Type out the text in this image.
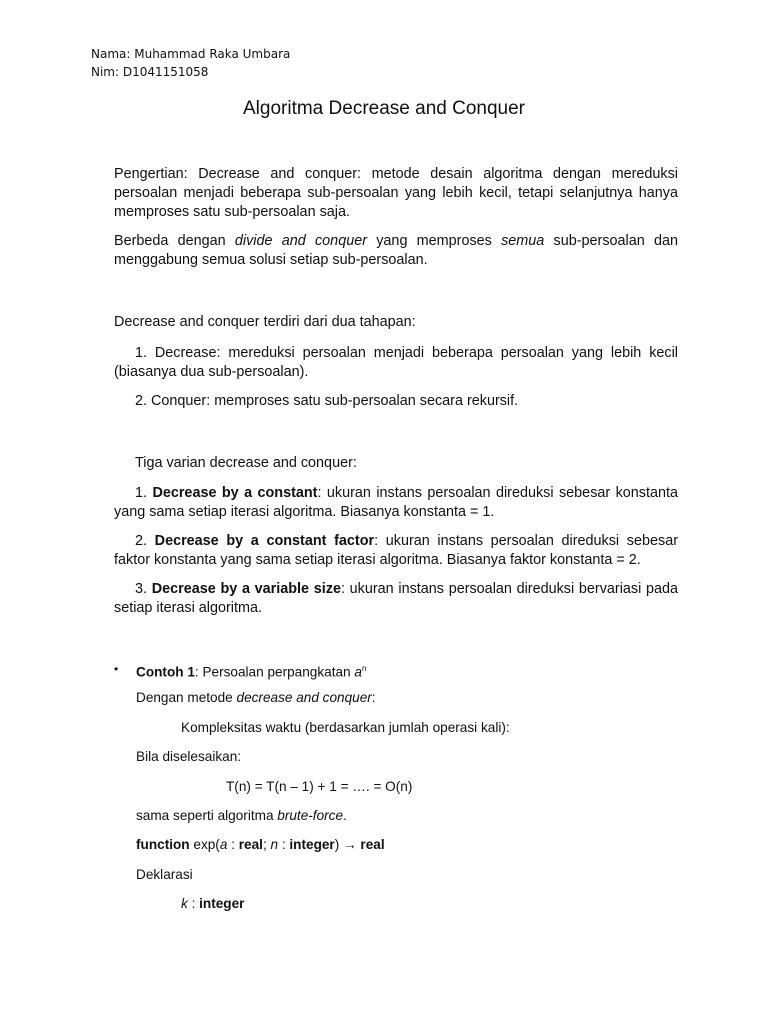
Nama: Muhammad Raka Umbara
Nim: D1041151058
Algoritma Decrease and Conquer
Pengertian: Decrease and conquer: metode desain algoritma dengan mereduksi persoalan menjadi beberapa sub-persoalan yang lebih kecil, tetapi selanjutnya hanya memproses satu sub-persoalan saja.
Berbeda dengan divide and conquer yang memproses semua sub-persoalan dan menggabung semua solusi setiap sub-persoalan.
Decrease and conquer terdiri dari dua tahapan:
1. Decrease: mereduksi persoalan menjadi beberapa persoalan yang lebih kecil (biasanya dua sub-persoalan).
2. Conquer: memproses satu sub-persoalan secara rekursif.
Tiga varian decrease and conquer:
1. Decrease by a constant: ukuran instans persoalan direduksi sebesar konstanta yang sama setiap iterasi algoritma. Biasanya konstanta = 1.
2. Decrease by a constant factor: ukuran instans persoalan direduksi sebesar faktor konstanta yang sama setiap iterasi algoritma. Biasanya faktor konstanta = 2.
3. Decrease by a variable size: ukuran instans persoalan direduksi bervariasi pada setiap iterasi algoritma.
• Contoh 1: Persoalan perpangkatan $a^n$
Dengan metode decrease and conquer:
Kompleksitas waktu (berdasarkan jumlah operasi kali):
Bila diselesaikan:
T(n) = T(n – 1) + 1 = …. = O(n)
sama seperti algoritma brute-force.
function exp(a : real; n : integer) → real
Deklarasi
k : integer
